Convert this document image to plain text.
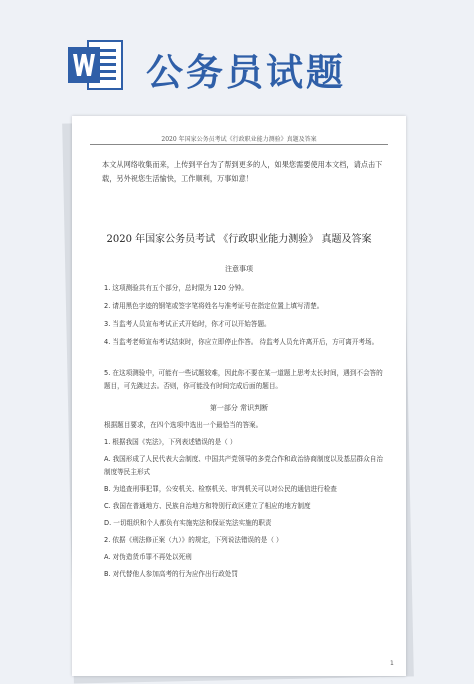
公务员试题
2020 年国家公务员考试《行政职业能力测验》真题及答案
本文从网络收集而来，上传到平台为了帮到更多的人，如果您需要使用本文档，请点击下载，另外祝您生活愉快，工作顺利，万事如意！
2020 年国家公务员考试 《行政职业能力测验》 真题及答案
注意事项
1. 这项测验共有五个部分，总时限为 120 分钟。
2. 请用黑色字迹的钢笔或签字笔将姓名与准考证号在指定位置上填写清楚。
3. 当监考人员宣布考试正式开始时，你才可以开始答题。
4. 当监考老师宣布考试结束时，你应立即停止作答。 待监考人员允许离开后，方可离开考场。
5. 在这项测验中，可能有一些试题较难，因此你不要在某一道题上思考太长时间，遇到不会答的题目，可先跳过去。否则，你可能没有时间完成后面的题目。
第一部分 常识判断
根据题目要求，在四个选项中选出一个最恰当的答案。
1. 根据我国《宪法》，下列表述错误的是（ ）
A. 我国形成了人民代表大会制度、中国共产党领导的多党合作和政治协商制度以及基层群众自治制度等民主形式
B. 为追查刑事犯罪，公安机关、检察机关、审判机关可以对公民的通信进行检查
C. 我国在普通地方、民族自治地方和特别行政区建立了相应的地方制度
D. 一切组织和个人都负有实施宪法和保证宪法实施的职责
2. 依据《刑法修正案（九）》的规定，下列说法错误的是（ ）
A. 对伪造货币罪不再处以死刑
B. 对代替他人参加高考的行为应作出行政处罚
1
